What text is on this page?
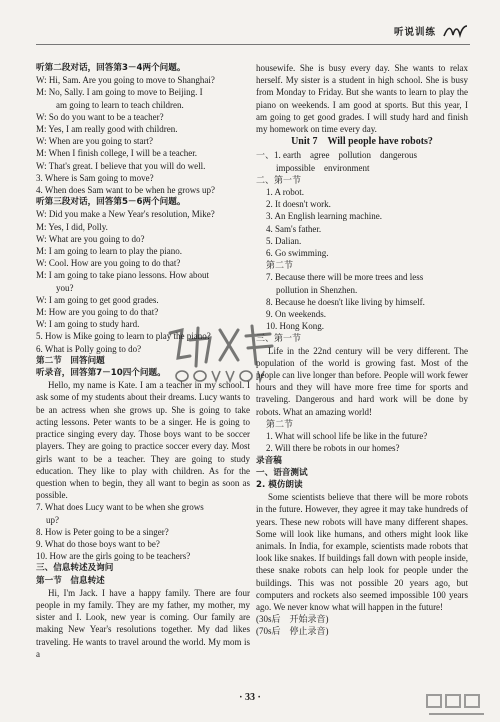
听说训练
听第二段对话，回答第3－4两个问题。
W: Hi, Sam. Are you going to move to Shanghai?
M: No, Sally. I am going to move to Beijing. I
am going to learn to teach children.
W: So do you want to be a teacher?
M: Yes, I am really good with children.
W: When are you going to start?
M: When I finish college, I will be a teacher.
W: That's great. I believe that you will do well.
3. Where is Sam going to move?
4. When does Sam want to be when he grows up?
听第三段对话，回答第5－6两个问题。
W: Did you make a New Year's resolution, Mike?
M: Yes, I did, Polly.
W: What are you going to do?
M: I am going to learn to play the piano.
W: Cool. How are you going to do that?
M: I am going to take piano lessons. How about
you?
W: I am going to get good grades.
M: How are you going to do that?
W: I am going to study hard.
5. How is Mike going to learn to play the piano?
6. What is Polly going to do?
第二节　回答问题
听录音，回答第7－10四个问题。
Hello, my name is Kate. I am a teacher in my school. I ask some of my students about their dreams. Lucy wants to be an actress when she grows up. She is going to take acting lessons. Peter wants to be a singer. He is going to practice singing every day. Those boys want to be soccer players. They are going to practice soccer every day. Most girls want to be a teacher. They are going to study education. They like to play with children. As for the question when to begin, they all want to begin as soon as possible.
7. What does Lucy want to be when she grows
up?
8. How is Peter going to be a singer?
9. What do those boys want to be?
10. How are the girls going to be teachers?
三、信息转述及询问
第一节　信息转述
Hi, I'm Jack. I have a happy family. There are four people in my family. They are my father, my mother, my sister and I. Look, new year is coming. Our family are making New Year's resolutions together. My dad likes traveling. He wants to travel around the world. My mom is a
housewife. She is busy every day. She wants to relax herself. My sister is a student in high school. She is busy from Monday to Friday. But she wants to learn to play the piano on weekends. I am good at sports. But this year, I am going to get good grades. I will study hard and finish my homework on time every day.
Unit 7　Will people have robots?
一、1. earth　agree　pollution　dangerous
impossible　environment
二、第一节
1. A robot.
2. It doesn't work.
3. An English learning machine.
4. Sam's father.
5. Dalian.
6. Go swimming.
第二节
7. Because there will be more trees and less
pollution in Shenzhen.
8. Because he doesn't like living by himself.
9. On weekends.
10. Hong Kong.
三、第一节
Life in the 22nd century will be very different. The population of the world is growing fast. Most of the people can live longer than before. People will work fewer hours and they will have more free time for sports and traveling. Dangerous and hard work will be done by robots. What an amazing world!
第二节
1. What will school life be like in the future?
2. Will there be robots in our homes?
录音稿
一、语音测试
2. 模仿朗读
Some scientists believe that there will be more robots in the future. However, they agree it may take hundreds of years. These new robots will have many different shapes. Some will look like humans, and others might look like animals. In India, for example, scientists made robots that look like snakes. If buildings fall down with people inside, these snake robots can help look for people under the buildings. This was not possible 20 years ago, but computers and rockets also seemed impossible 100 years ago. We never know what will happen in the future!
(30s后　开始录音)
(70s后　停止录音)
· 33 ·
